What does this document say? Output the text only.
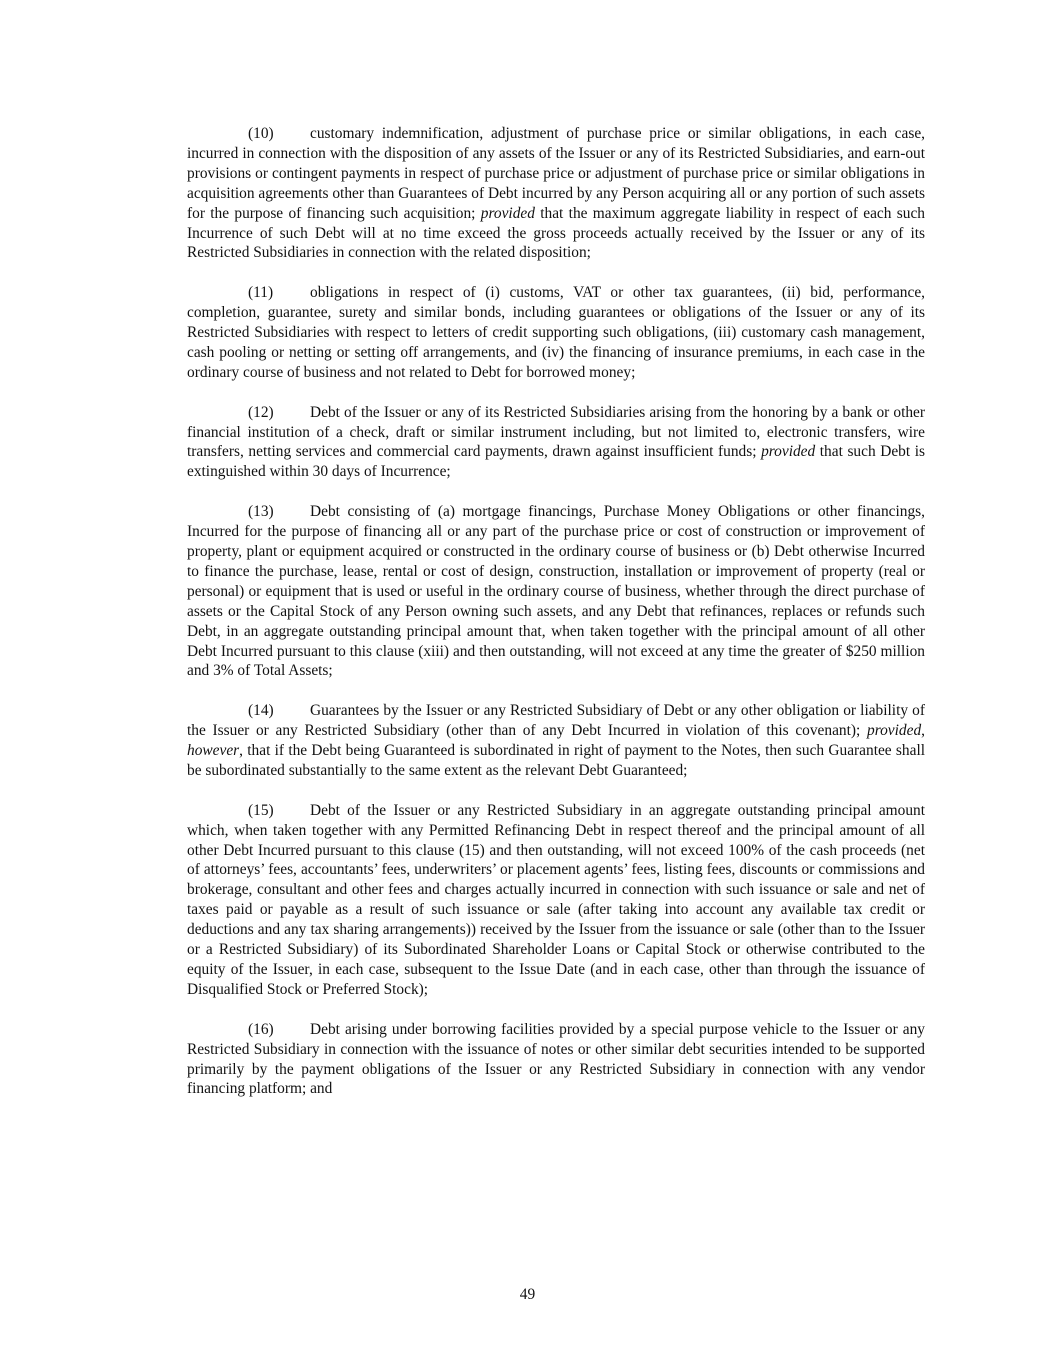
(10) customary indemnification, adjustment of purchase price or similar obligations, in each case, incurred in connection with the disposition of any assets of the Issuer or any of its Restricted Subsidiaries, and earn-out provisions or contingent payments in respect of purchase price or adjustment of purchase price or similar obligations in acquisition agreements other than Guarantees of Debt incurred by any Person acquiring all or any portion of such assets for the purpose of financing such acquisition; provided that the maximum aggregate liability in respect of each such Incurrence of such Debt will at no time exceed the gross proceeds actually received by the Issuer or any of its Restricted Subsidiaries in connection with the related disposition;

(11) obligations in respect of (i) customs, VAT or other tax guarantees, (ii) bid, performance, completion, guarantee, surety and similar bonds, including guarantees or obligations of the Issuer or any of its Restricted Subsidiaries with respect to letters of credit supporting such obligations, (iii) customary cash management, cash pooling or netting or setting off arrangements, and (iv) the financing of insurance premiums, in each case in the ordinary course of business and not related to Debt for borrowed money;

(12) Debt of the Issuer or any of its Restricted Subsidiaries arising from the honoring by a bank or other financial institution of a check, draft or similar instrument including, but not limited to, electronic transfers, wire transfers, netting services and commercial card payments, drawn against insufficient funds; provided that such Debt is extinguished within 30 days of Incurrence;

(13) Debt consisting of (a) mortgage financings, Purchase Money Obligations or other financings, Incurred for the purpose of financing all or any part of the purchase price or cost of construction or improvement of property, plant or equipment acquired or constructed in the ordinary course of business or (b) Debt otherwise Incurred to finance the purchase, lease, rental or cost of design, construction, installation or improvement of property (real or personal) or equipment that is used or useful in the ordinary course of business, whether through the direct purchase of assets or the Capital Stock of any Person owning such assets, and any Debt that refinances, replaces or refunds such Debt, in an aggregate outstanding principal amount that, when taken together with the principal amount of all other Debt Incurred pursuant to this clause (xiii) and then outstanding, will not exceed at any time the greater of $250 million and 3% of Total Assets;

(14) Guarantees by the Issuer or any Restricted Subsidiary of Debt or any other obligation or liability of the Issuer or any Restricted Subsidiary (other than of any Debt Incurred in violation of this covenant); provided, however, that if the Debt being Guaranteed is subordinated in right of payment to the Notes, then such Guarantee shall be subordinated substantially to the same extent as the relevant Debt Guaranteed;

(15) Debt of the Issuer or any Restricted Subsidiary in an aggregate outstanding principal amount which, when taken together with any Permitted Refinancing Debt in respect thereof and the principal amount of all other Debt Incurred pursuant to this clause (15) and then outstanding, will not exceed 100% of the cash proceeds (net of attorneys’ fees, accountants’ fees, underwriters’ or placement agents’ fees, listing fees, discounts or commissions and brokerage, consultant and other fees and charges actually incurred in connection with such issuance or sale and net of taxes paid or payable as a result of such issuance or sale (after taking into account any available tax credit or deductions and any tax sharing arrangements)) received by the Issuer from the issuance or sale (other than to the Issuer or a Restricted Subsidiary) of its Subordinated Shareholder Loans or Capital Stock or otherwise contributed to the equity of the Issuer, in each case, subsequent to the Issue Date (and in each case, other than through the issuance of Disqualified Stock or Preferred Stock);

(16) Debt arising under borrowing facilities provided by a special purpose vehicle to the Issuer or any Restricted Subsidiary in connection with the issuance of notes or other similar debt securities intended to be supported primarily by the payment obligations of the Issuer or any Restricted Subsidiary in connection with any vendor financing platform; and

49
